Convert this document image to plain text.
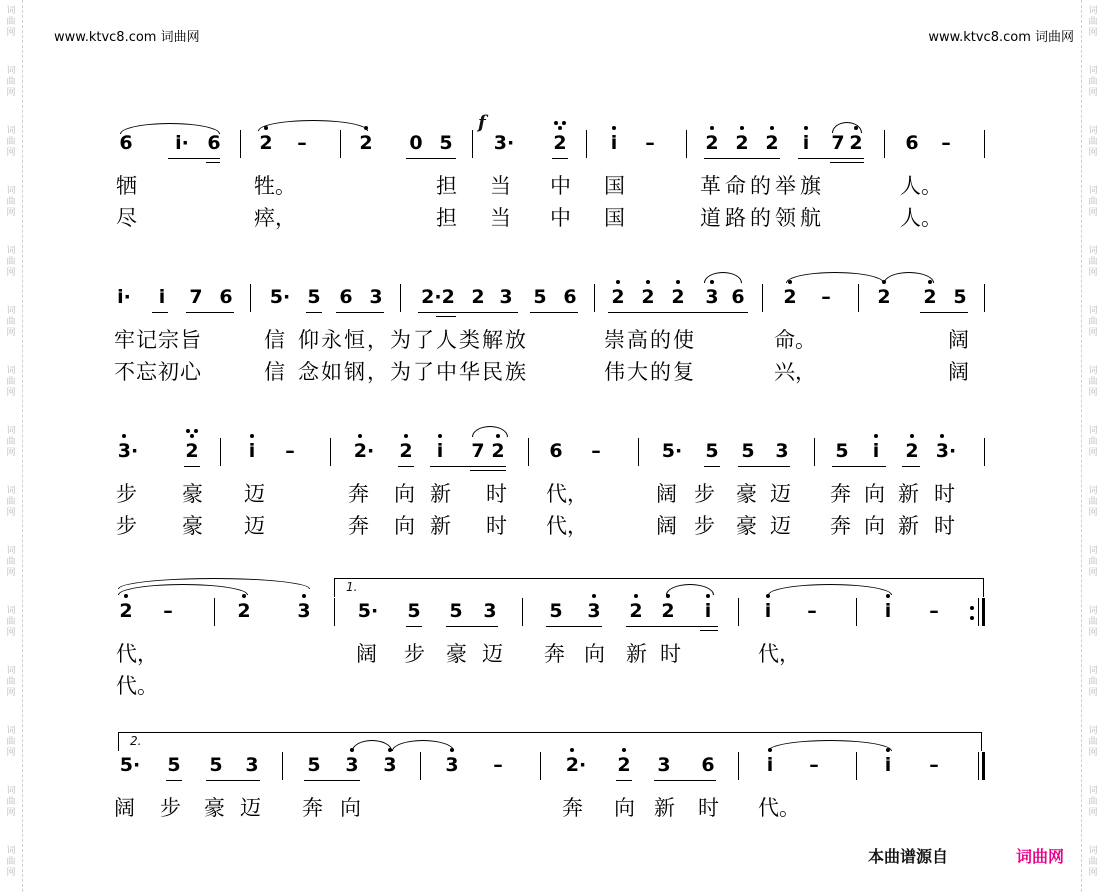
词
曲
网
词
曲
网
词
曲
网
词
曲
网
词
曲
网
词
曲
网
词
曲
网
词
曲
网
词
曲
网
词
曲
网
词
曲
网
词
曲
网
词
曲
网
词
曲
网
词
曲
网
词
曲
网
词
曲
网
词
曲
网
词
曲
网
词
曲
网
词
曲
网
词
曲
网
词
曲
网
词
曲
网
词
曲
网
词
曲
网
词
曲
网
词
曲
网
词
曲
网
词
曲
网
www.ktvc8.com 词曲网	www.ktvc8.com 词曲网
f
6 i· 6 2 –	2 0 5 3· 2 i –	2 2 2 i 7 2 6 –
牺	牲。	担 当 中 国	革命的举旗	人。
尽	瘁，	担 当 中 国	道路的领航	人。
i· i 7 6 5· 5 6 3 2·2 2 3 5 6 2 2 2 3 6 2 – 2 2 5
牢记宗旨	信 仰永恒，为了人类解放	崇高的使	命。	阔
不忘初心	信 念如钢，为了中华民族	伟大的复	兴，	阔
3· 2	i –	2· 2 i 7 2 6 –	5· 5 5 3 5 i 2 3·
步 豪 迈	奔 向 新 时 代，	阔 步 豪 迈 奔 向 新 时
步 豪 迈	奔 向 新 时 代，	阔 步 豪 迈 奔 向 新 时
1.
2 –	2 3 5· 5 5 3	5 3 2 2 i	i –	i –
代，	阔 步 豪 迈 奔 向 新 时	代，
代。
2.
5· 5 5 3	5 3 3	3 –	2· 2 3 6	i –	i –
阔 步 豪 迈 奔 向	奔 向 新 时 代。
本曲谱源自	词曲网
